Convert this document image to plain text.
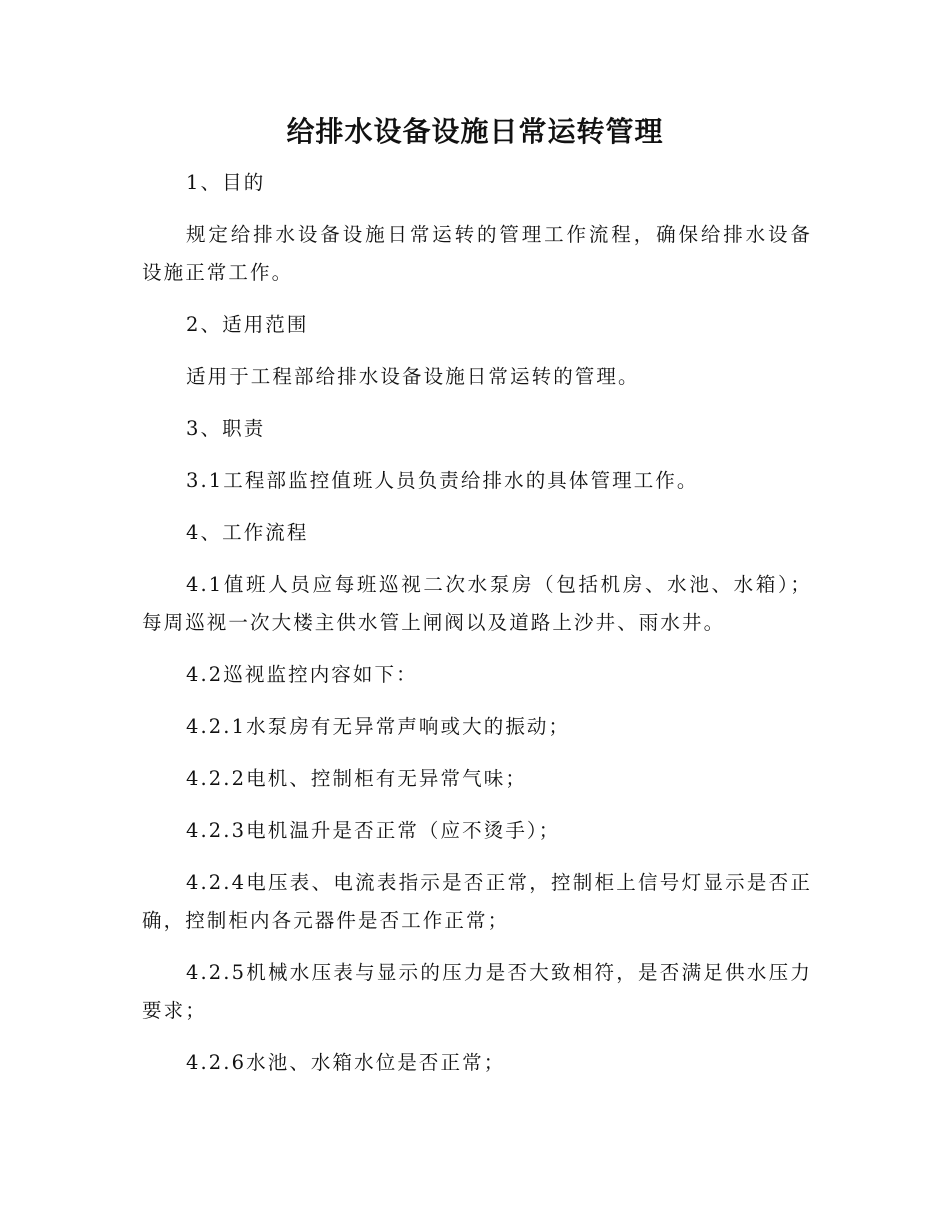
给排水设备设施日常运转管理

1、目的

规定给排水设备设施日常运转的管理工作流程，确保给排水设备设施正常工作。

2、适用范围

适用于工程部给排水设备设施日常运转的管理。

3、职责

3.1工程部监控值班人员负责给排水的具体管理工作。

4、工作流程

4.1值班人员应每班巡视二次水泵房（包括机房、水池、水箱）；每周巡视一次大楼主供水管上闸阀以及道路上沙井、雨水井。

4.2巡视监控内容如下：

4.2.1水泵房有无异常声响或大的振动；

4.2.2电机、控制柜有无异常气味；

4.2.3电机温升是否正常（应不烫手）；

4.2.4电压表、电流表指示是否正常，控制柜上信号灯显示是否正确，控制柜内各元器件是否工作正常；

4.2.5机械水压表与显示的压力是否大致相符，是否满足供水压力要求；

4.2.6水池、水箱水位是否正常；
